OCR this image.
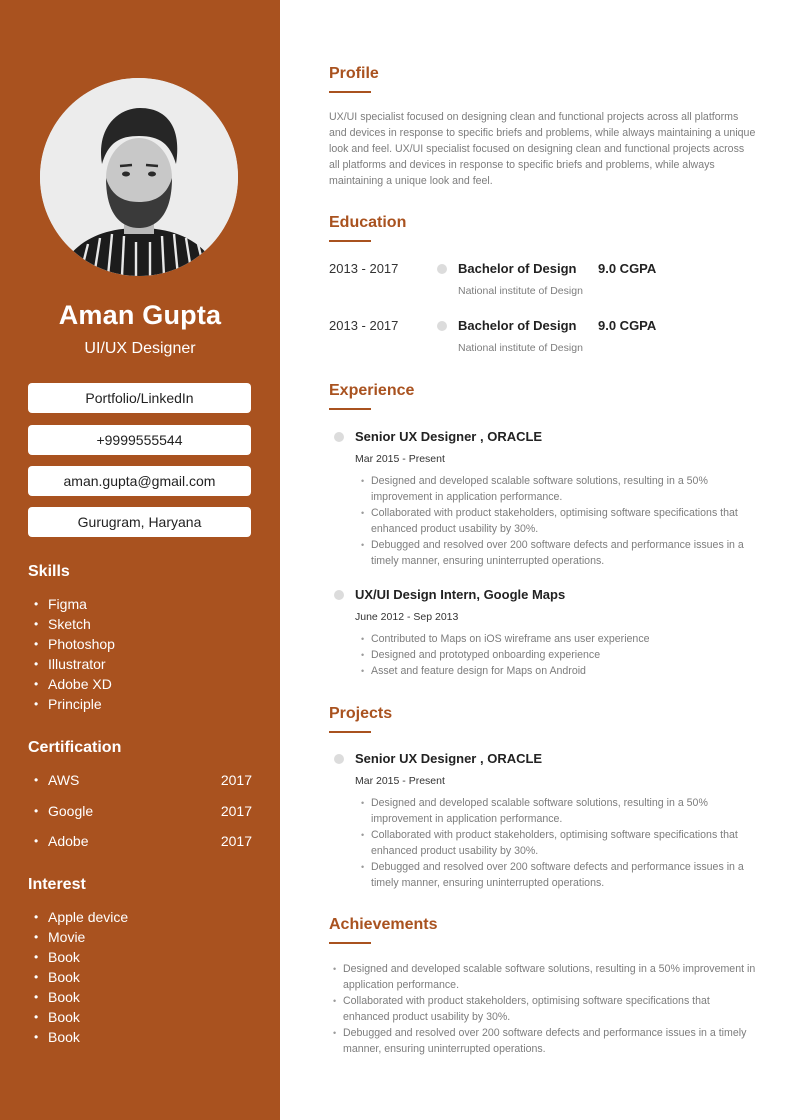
Aman Gupta
UI/UX Designer
Portfolio/LinkedIn
+9999555544
aman.gupta@gmail.com
Gurugram, Haryana
Skills
• Figma
• Sketch
• Photoshop
• Illustrator
• Adobe XD
• Principle
Certification
• AWS	2017
• Google	2017
• Adobe	2017
Interest
• Apple device
• Movie
• Book
• Book
• Book
• Book
• Book
Profile
UX/UI specialist focused on designing clean and functional projects across all platforms and devices in response to specific briefs and problems, while always maintaining a unique look and feel. UX/UI specialist focused on designing clean and functional projects across all platforms and devices in response to specific briefs and problems, while always maintaining a unique look and feel.
Education
2013 - 2017	Bachelor of Design 9.0 CGPA
National institute of Design
2013 - 2017	Bachelor of Design 9.0 CGPA
National institute of Design
Experience
Senior UX Designer , ORACLE
Mar 2015 - Present
• Designed and developed scalable software solutions, resulting in a 50% improvement in application performance.
• Collaborated with product stakeholders, optimising software specifications that enhanced product usability by 30%.
• Debugged and resolved over 200 software defects and performance issues in a timely manner, ensuring uninterrupted operations.
UX/UI Design Intern, Google Maps
June 2012 - Sep 2013
• Contributed to Maps on iOS wireframe ans user experience
• Designed and prototyped onboarding experience
• Asset and feature design for Maps on Android
Projects
Senior UX Designer , ORACLE
Mar 2015 - Present
• Designed and developed scalable software solutions, resulting in a 50% improvement in application performance.
• Collaborated with product stakeholders, optimising software specifications that enhanced product usability by 30%.
• Debugged and resolved over 200 software defects and performance issues in a timely manner, ensuring uninterrupted operations.
Achievements
• Designed and developed scalable software solutions, resulting in a 50% improvement in application performance.
• Collaborated with product stakeholders, optimising software specifications that enhanced product usability by 30%.
• Debugged and resolved over 200 software defects and performance issues in a timely manner, ensuring uninterrupted operations.
